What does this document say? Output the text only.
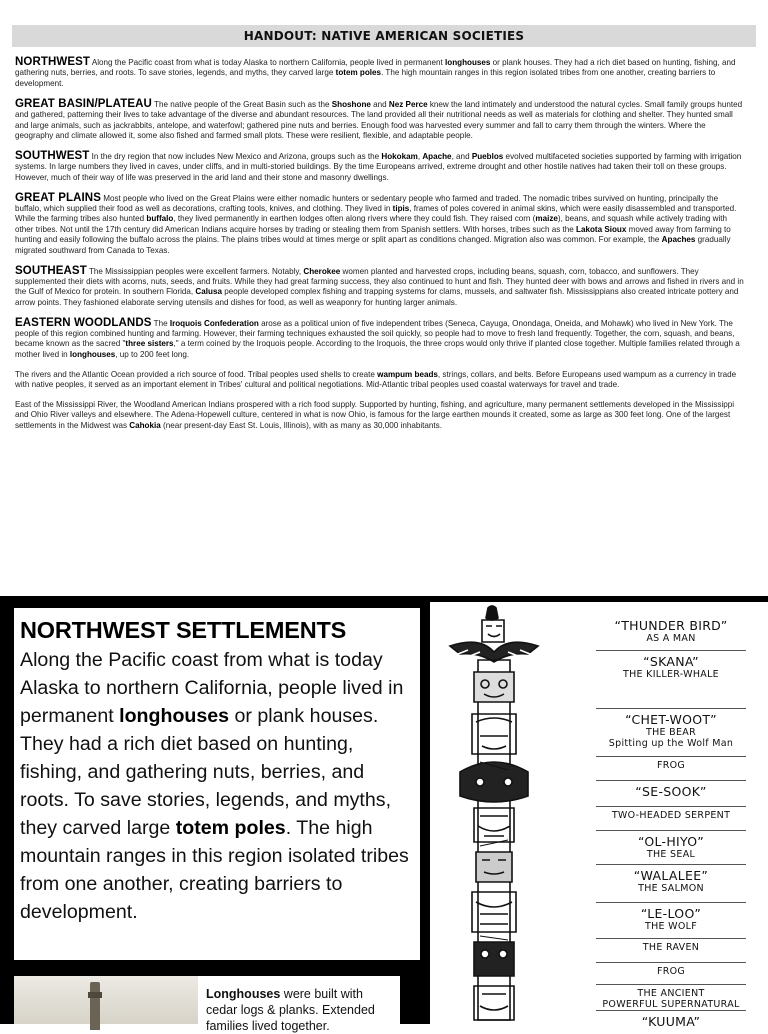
HANDOUT: NATIVE AMERICAN SOCIETIES

NORTHWEST Along the Pacific coast from what is today Alaska to northern California, people lived in permanent longhouses or plank houses. They had a rich diet based on hunting, fishing, and gathering nuts, berries, and roots. To save stories, legends, and myths, they carved large totem poles. The high mountain ranges in this region isolated tribes from one another, creating barriers to development.

GREAT BASIN/PLATEAU The native people of the Great Basin such as the Shoshone and Nez Perce knew the land intimately and understood the natural cycles. Small family groups hunted and gathered, patterning their lives to take advantage of the diverse and abundant resources. The land provided all their nutritional needs as well as materials for clothing and shelter. They hunted small and large animals, such as jackrabbits, antelope, and waterfowl; gathered pine nuts and berries. Enough food was harvested every summer and fall to carry them through the winters. Where the geography and climate allowed it, some also fished and farmed small plots. These were resilient, flexible, and adaptable people.

SOUTHWEST In the dry region that now includes New Mexico and Arizona, groups such as the Hokokam, Apache, and Pueblos evolved multifaceted societies supported by farming with irrigation systems. In large numbers they lived in caves, under cliffs, and in multi-storied buildings. By the time Europeans arrived, extreme drought and other hostile natives had taken their toll on these groups. However, much of their way of life was preserved in the arid land and their stone and masonry dwellings.

GREAT PLAINS Most people who lived on the Great Plains were either nomadic hunters or sedentary people who farmed and traded. The nomadic tribes survived on hunting, principally the buffalo, which supplied their food as well as decorations, crafting tools, knives, and clothing. They lived in tipis, frames of poles covered in animal skins, which were easily disassembled and transported. While the farming tribes also hunted buffalo, they lived permanently in earthen lodges often along rivers where they could fish. They raised corn (maize), beans, and squash while actively trading with other tribes. Not until the 17th century did American Indians acquire horses by trading or stealing them from Spanish settlers. With horses, tribes such as the Lakota Sioux moved away from farming to hunting and easily following the buffalo across the plains. The plains tribes would at times merge or split apart as conditions changed. Migration also was common. For example, the Apaches gradually migrated southward from Canada to Texas.

SOUTHEAST The Mississippian peoples were excellent farmers. Notably, Cherokee women planted and harvested crops, including beans, squash, corn, tobacco, and sunflowers. They supplemented their diets with acorns, nuts, seeds, and fruits. While they had great farming success, they also continued to hunt and fish. They hunted deer with bows and arrows and fished in rivers and in the Gulf of Mexico for protein. In southern Florida, Calusa people developed complex fishing and trapping systems for clams, mussels, and saltwater fish. Mississippians also created intricate pottery and arrow points. They fashioned elaborate serving utensils and dishes for food, as well as weaponry for hunting larger animals.

EASTERN WOODLANDS The Iroquois Confederation arose as a political union of five independent tribes (Seneca, Cayuga, Onondaga, Oneida, and Mohawk) who lived in New York. The people of this region combined hunting and farming. However, their farming techniques exhausted the soil quickly, so people had to move to fresh land frequently. Together, the corn, squash, and beans, became known as the sacred "three sisters," a term coined by the Iroquois people. According to the Iroquois, the three crops would only thrive if planted close together. Multiple families related through a mother lived in longhouses, up to 200 feet long.

The rivers and the Atlantic Ocean provided a rich source of food. Tribal peoples used shells to create wampum beads, strings, collars, and belts. Before Europeans used wampum as a currency in trade with native peoples, it served as an important element in Tribes' cultural and political negotiations. Mid-Atlantic tribal peoples used coastal waterways for travel and trade.

East of the Mississippi River, the Woodland American Indians prospered with a rich food supply. Supported by hunting, fishing, and agriculture, many permanent settlements developed in the Mississippi and Ohio River valleys and elsewhere. The Adena-Hopewell culture, centered in what is now Ohio, is famous for the large earthen mounds it created, some as large as 300 feet long. One of the largest settlements in the Midwest was Cahokia (near present-day East St. Louis, Illinois), with as many as 30,000 inhabitants.

NORTHWEST SETTLEMENTS
Along the Pacific coast from what is today Alaska to northern California, people lived in permanent longhouses or plank houses. They had a rich diet based on hunting, fishing, and gathering nuts, berries, and roots. To save stories, legends, and myths, they carved large totem poles. The high mountain ranges in this region isolated tribes from one another, creating barriers to development.
Longhouses were built with cedar logs & planks. Extended families lived together.
“THUNDER BIRD”
AS A MAN
“SKANA”
THE KILLER-WHALE
“CHET-WOOT”
THE BEAR
Spitting up the Wolf Man
FROG
“SE-SOOK”
TWO-HEADED SERPENT
“OL-HIYO”
THE SEAL
“WALALEE”
THE SALMON
“LE-LOO”
THE WOLF
THE RAVEN
FROG
THE ANCIENT
POWERFUL SUPERNATURAL
“KUUMA”
